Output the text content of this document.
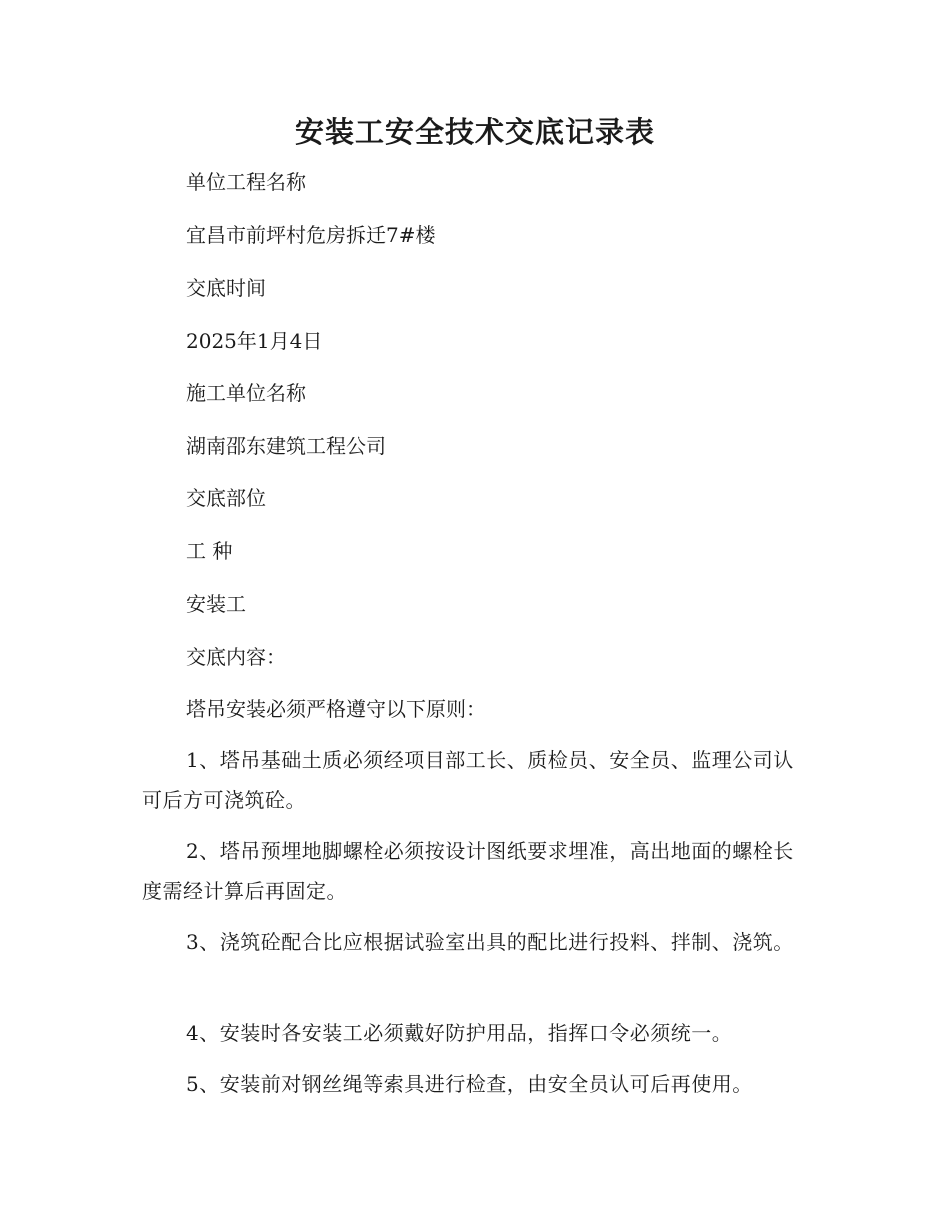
安装工安全技术交底记录表
单位工程名称
宜昌市前坪村危房拆迁7#楼
交底时间
2025年1月4日
施工单位名称
湖南邵东建筑工程公司
交底部位
工 种
安装工
交底内容：
塔吊安装必须严格遵守以下原则：
1、塔吊基础土质必须经项目部工长、质检员、安全员、监理公司认可后方可浇筑砼。
2、塔吊预埋地脚螺栓必须按设计图纸要求埋准，高出地面的螺栓长度需经计算后再固定。
3、浇筑砼配合比应根据试验室出具的配比进行投料、拌制、浇筑。
4、安装时各安装工必须戴好防护用品，指挥口令必须统一。
5、安装前对钢丝绳等索具进行检查，由安全员认可后再使用。
